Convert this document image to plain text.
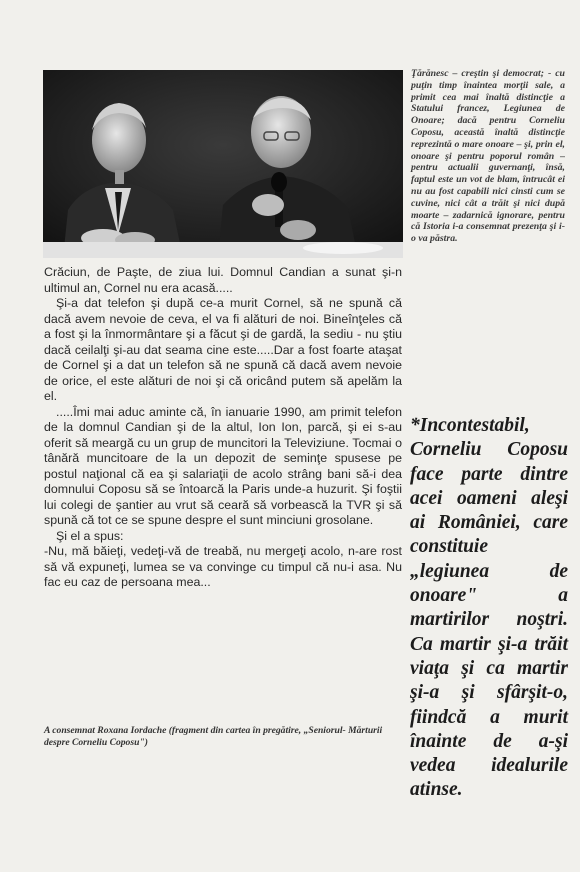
Crăciun, de Paşte, de ziua lui. Domnul Candian a sunat şi-n ultimul an, Cornel nu era acasă.....

Şi-a dat telefon şi după ce-a murit Cornel, să ne spună că dacă avem nevoie de ceva, el va fi alături de noi. Bineînţeles că a fost şi la înmormântare şi a făcut şi de gardă, la sediu - nu ştiu dacă ceilalţi şi-au dat seama cine este.....Dar a fost foarte ataşat de Cornel şi a dat un telefon să ne spună că dacă avem nevoie de orice, el este alături de noi şi că oricând putem să apelăm la el.

.....Îmi mai aduc aminte că, în ianuarie 1990, am primit telefon de la domnul Candian şi de la altul, Ion Ion, parcă, şi ei s-au oferit să meargă cu un grup de muncitori la Televiziune. Tocmai o tânără muncitoare de la un depozit de seminţe spusese pe postul naţional că ea şi salariaţii de acolo strâng bani să-i dea domnului Coposu să se întoarcă la Paris unde-a huzurit. Şi foştii lui colegi de şantier au vrut să ceară să vorbească la TVR şi să spună că tot ce se spune despre el sunt minciuni grosolane.

Şi el a spus:

-Nu, mă băieţi, vedeţi-vă de treabă, nu mergeţi acolo, n-are rost să vă expuneţi, lumea se va convinge cu timpul că nu-i asa. Nu fac eu caz de persoana mea...

A consemnat Roxana Iordache (fragment din cartea în pregătire, „Seniorul- Mărturii despre Corneliu Coposu")
Ţărănesc – creştin şi democrat; - cu puţin timp înaintea morţii sale, a primit cea mai înaltă distincţie a Statului francez, Legiunea de Onoare; dacă pentru Corneliu Coposu, această înaltă distincţie reprezintă o mare onoare – şi, prin el, onoare şi pentru poporul român – pentru actualii guvernanţi, însă, faptul este un vot de blam, întrucât ei nu au fost capabili nici cinsti cum se cuvine, nici cât a trăit şi nici după moarte – zadarnică ignorare, pentru că Istoria i-a consemnat prezenţa şi i-o va păstra.
*Incontestabil, Corneliu Coposu face parte dintre acei oameni aleşi ai României, care constituie „legiunea de onoare" a martirilor noştri. Ca martir şi-a trăit viaţa şi ca martir şi-a şi sfârşit-o, fiindcă a murit înainte de a-şi vedea idealurile atinse.
